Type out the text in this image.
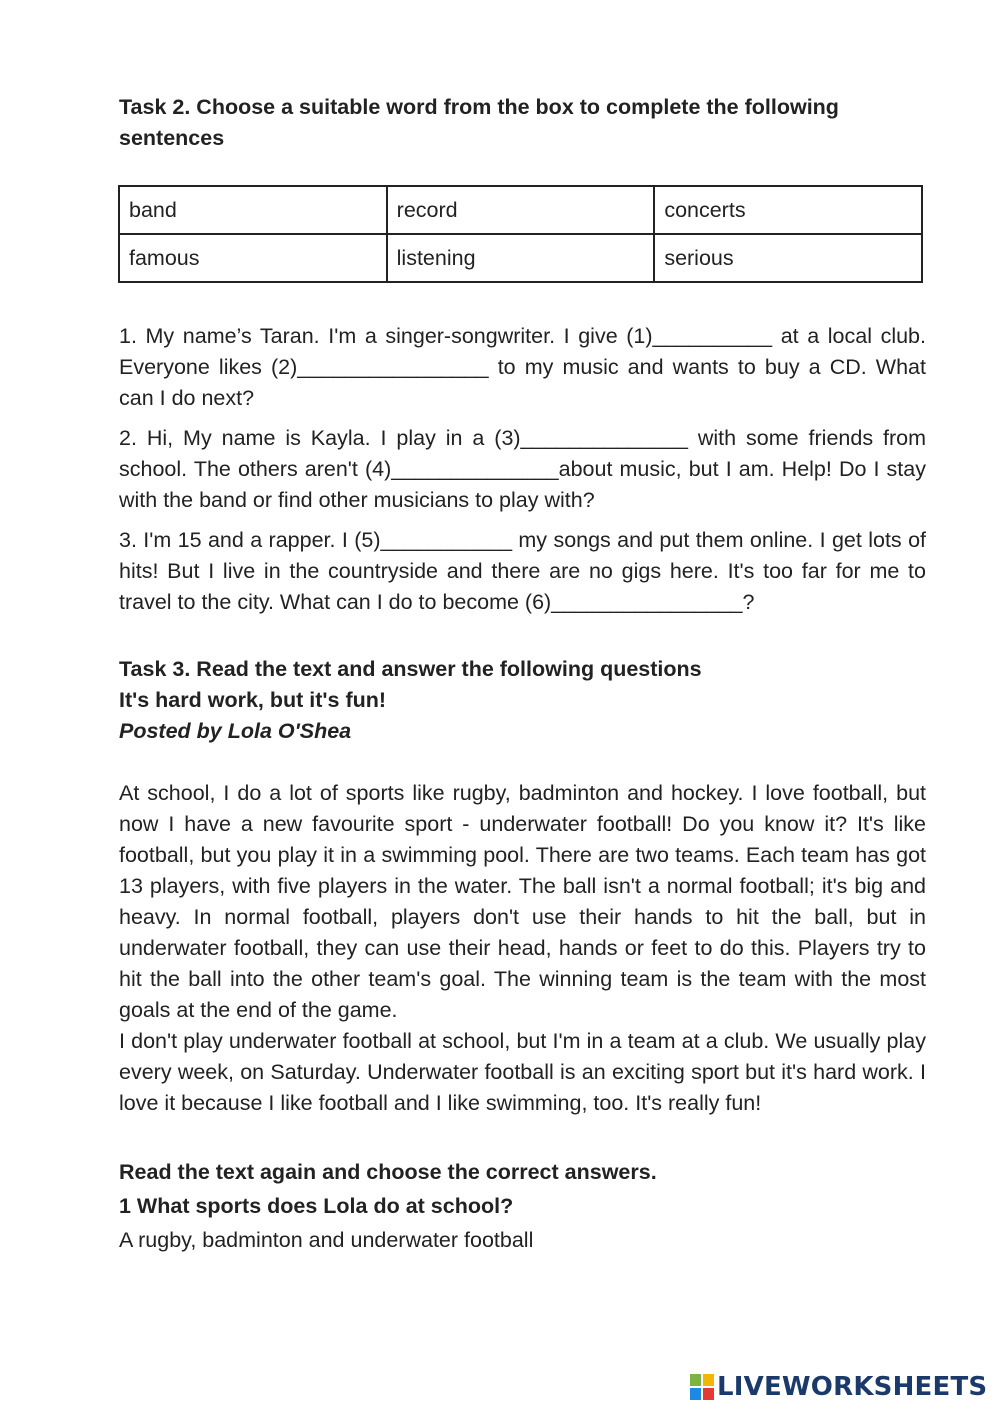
Task 2. Choose a suitable word from the box to complete the following sentences

band	record	concerts
famous	listening	serious

1. My name’s Taran. I'm a singer-songwriter. I give (1)__________ at a local club. Everyone likes (2)________________ to my music and wants to buy a CD. What can I do next?

2. Hi, My name is Kayla. I play in a (3)______________ with some friends from school. The others aren't (4)______________about music, but I am. Help! Do I stay with the band or find other musicians to play with?

3. I'm 15 and a rapper. I (5)___________ my songs and put them online. I get lots of hits! But I live in the countryside and there are no gigs here. It's too far for me to travel to the city. What can I do to become (6)________________?

Task 3. Read the text and answer the following questions

It's hard work, but it's fun!

Posted by Lola O'Shea

At school, I do a lot of sports like rugby, badminton and hockey. I love football, but now I have a new favourite sport - underwater football! Do you know it? It's like football, but you play it in a swimming pool. There are two teams. Each team has got 13 players, with five players in the water. The ball isn't a normal football; it's big and heavy. In normal football, players don't use their hands to hit the ball, but in underwater football, they can use their head, hands or feet to do this. Players try to hit the ball into the other team's goal. The winning team is the team with the most goals at the end of the game.

I don't play underwater football at school, but I'm in a team at a club. We usually play every week, on Saturday. Underwater football is an exciting sport but it's hard work. I love it because I like football and I like swimming, too. It's really fun!

Read the text again and choose the correct answers.

1 What sports does Lola do at school?

A rugby, badminton and underwater football

LIVEWORKSHEETS
